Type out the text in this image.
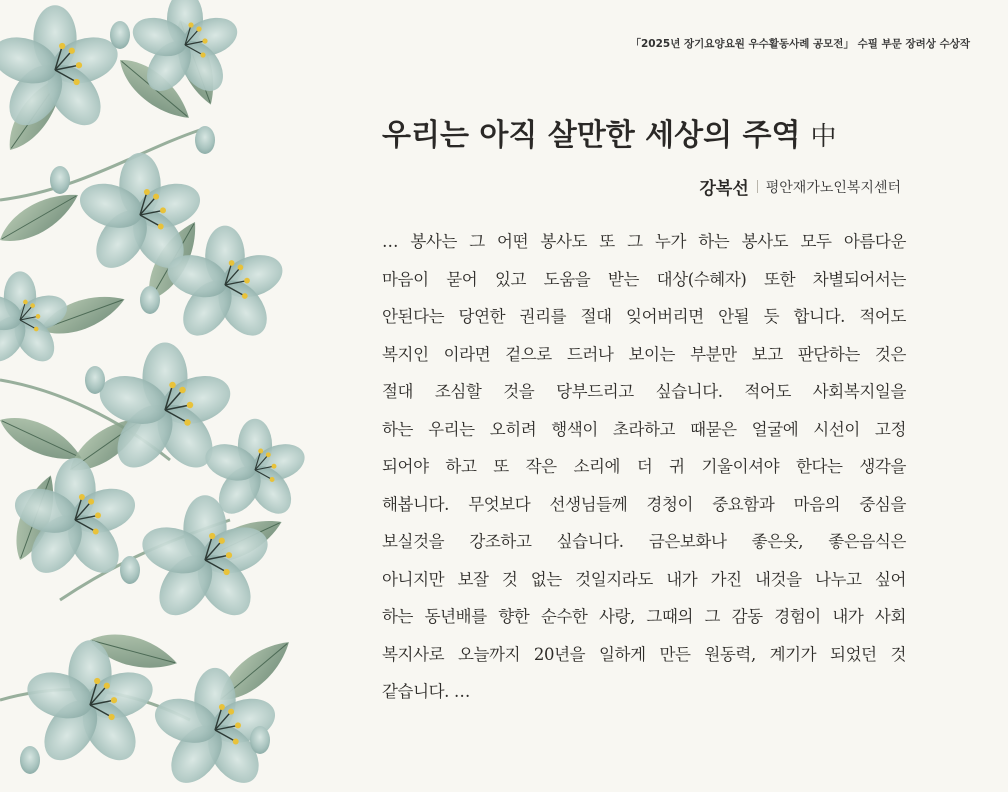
「2025년 장기요양요원 우수활동사례 공모전」 수필 부문 장려상 수상작
우리는 아직 살만한 세상의 주역 中
강복선 평안재가노인복지센터
… 봉사는 그 어떤 봉사도 또 그 누가 하는 봉사도 모두 아름다운
마음이 묻어 있고 도움을 받는 대상(수혜자) 또한 차별되어서는
안된다는 당연한 권리를 절대 잊어버리면 안될 듯 합니다. 적어도
복지인 이라면 겉으로 드러나 보이는 부분만 보고 판단하는 것은
절대 조심할 것을 당부드리고 싶습니다. 적어도 사회복지일을
하는 우리는 오히려 행색이 초라하고 때묻은 얼굴에 시선이 고정
되어야 하고 또 작은 소리에 더 귀 기울이셔야 한다는 생각을
해봅니다. 무엇보다 선생님들께 경청이 중요함과 마음의 중심을
보실것을 강조하고 싶습니다. 금은보화나 좋은옷, 좋은음식은
아니지만 보잘 것 없는 것일지라도 내가 가진 내것을 나누고 싶어
하는 동년배를 향한 순수한 사랑, 그때의 그 감동 경험이 내가 사회
복지사로 오늘까지 20년을 일하게 만든 원동력, 계기가 되었던 것
같습니다. …
